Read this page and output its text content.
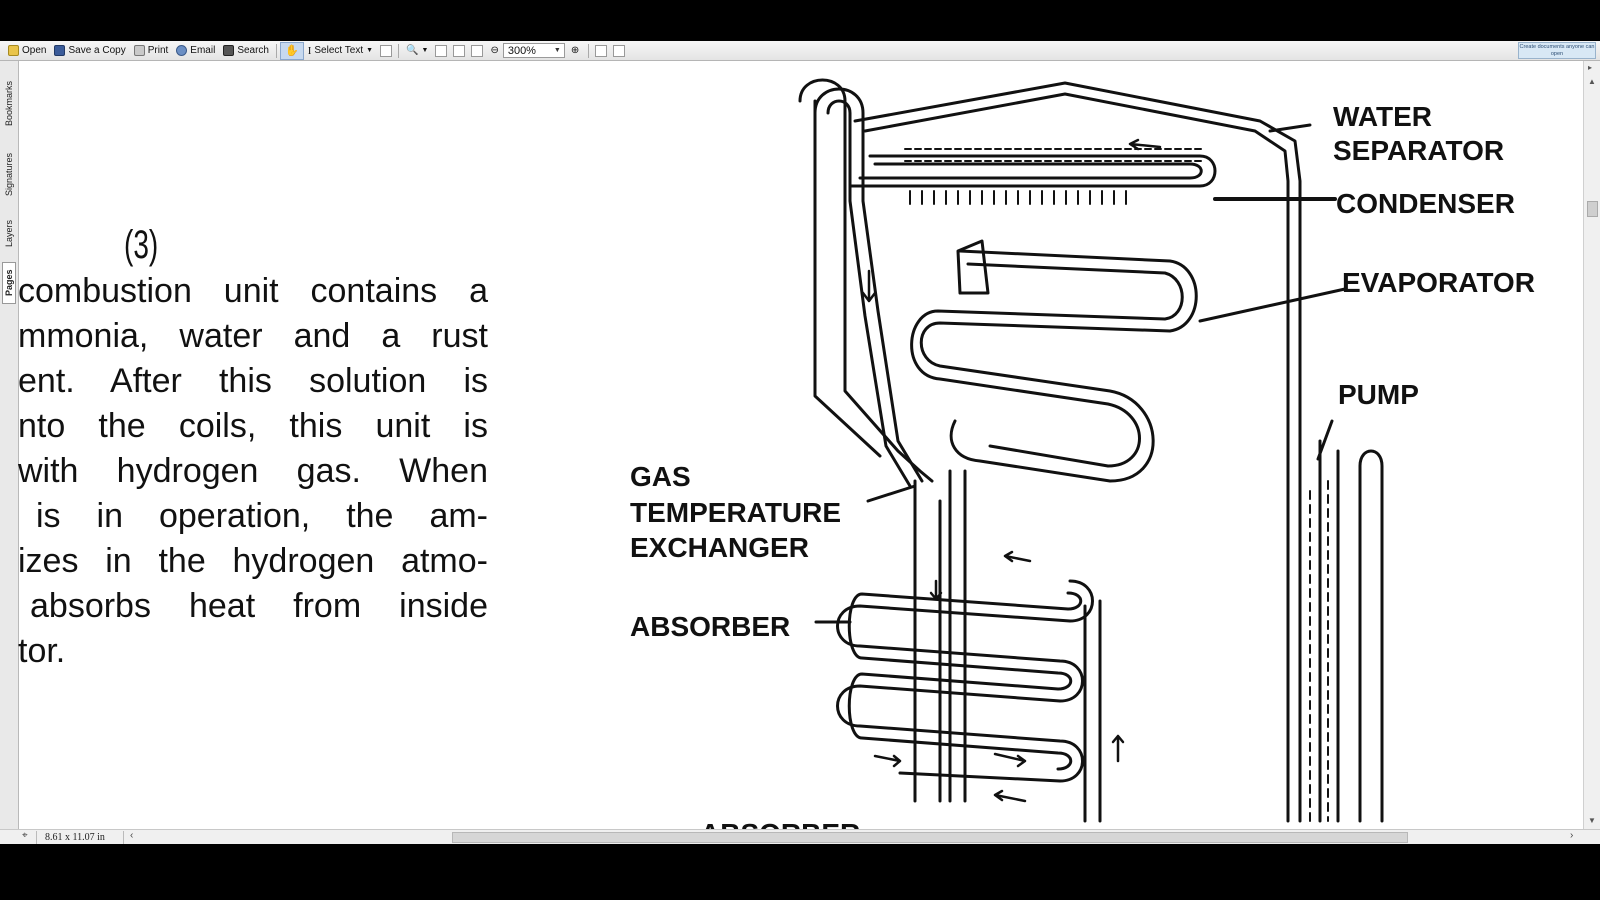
Open Save a Copy Print Email Search ✋ I Select Text ▼	🔍 ▼	⊖ 300%	▼	⊕	Create documents anyone can open
Bookmarks
Signatures
Layers
Pages
(3)

combustion unit contains a

mmonia, water and a rust

ent. After this solution is

nto the coils, this unit is

with hydrogen gas. When

is in operation, the am-

izes in the hydrogen atmo-

absorbs heat from inside

tor.

WATER
SEPARATOR
CONDENSER
EVAPORATOR
PUMP
GAS
TEMPERATURE
EXCHANGER
ABSORBER
▸
▲
▼
⌖	8.61 x 11.07 in	‹	›
